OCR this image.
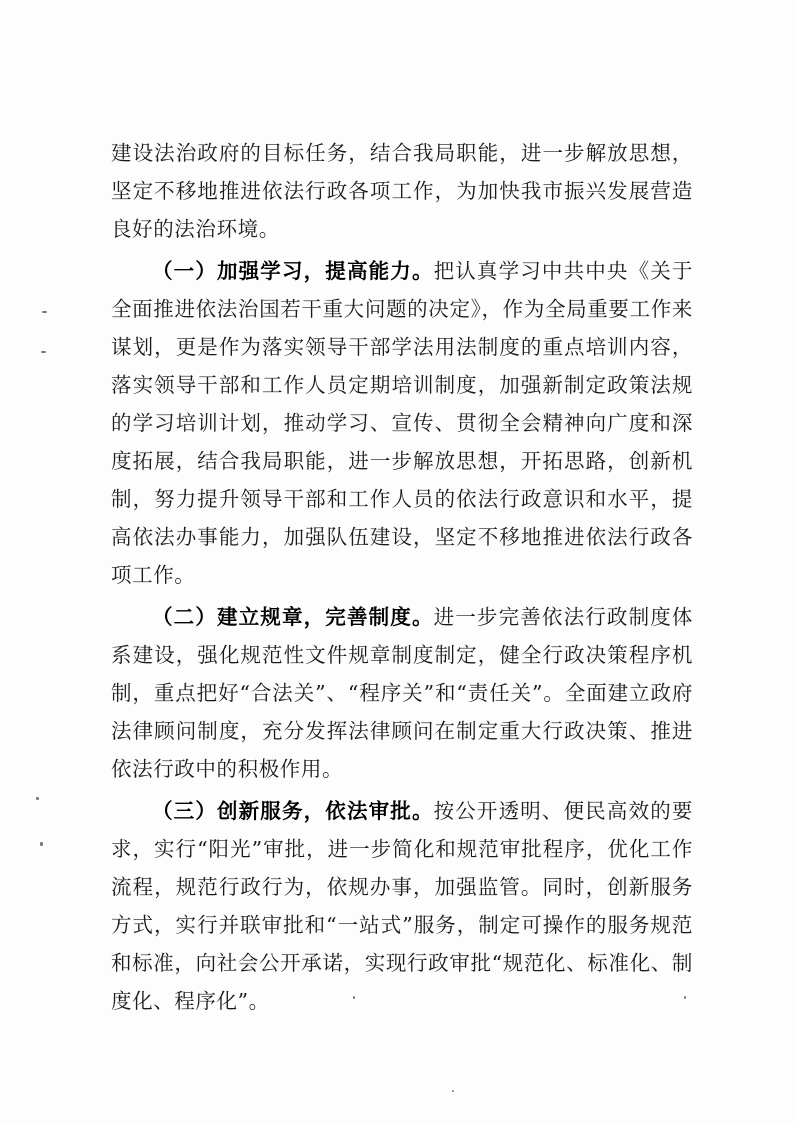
建设法治政府的目标任务，结合我局职能，进一步解放思想，坚定不移地推进依法行政各项工作，为加快我市振兴发展营造良好的法治环境。

（一）加强学习，提高能力。把认真学习中共中央《关于全面推进依法治国若干重大问题的决定》，作为全局重要工作来谋划，更是作为落实领导干部学法用法制度的重点培训内容，落实领导干部和工作人员定期培训制度，加强新制定政策法规的学习培训计划，推动学习、宣传、贯彻全会精神向广度和深度拓展，结合我局职能，进一步解放思想，开拓思路，创新机制，努力提升领导干部和工作人员的依法行政意识和水平，提高依法办事能力，加强队伍建设，坚定不移地推进依法行政各项工作。

（二）建立规章，完善制度。进一步完善依法行政制度体系建设，强化规范性文件规章制度制定，健全行政决策程序机制，重点把好“合法关”、“程序关”和“责任关”。全面建立政府法律顾问制度，充分发挥法律顾问在制定重大行政决策、推进依法行政中的积极作用。

（三）创新服务，依法审批。按公开透明、便民高效的要求，实行“阳光”审批，进一步简化和规范审批程序，优化工作流程，规范行政行为，依规办事，加强监管。同时，创新服务方式，实行并联审批和“一站式”服务，制定可操作的服务规范和标准，向社会公开承诺，实现行政审批“规范化、标准化、制度化、程序化”。
